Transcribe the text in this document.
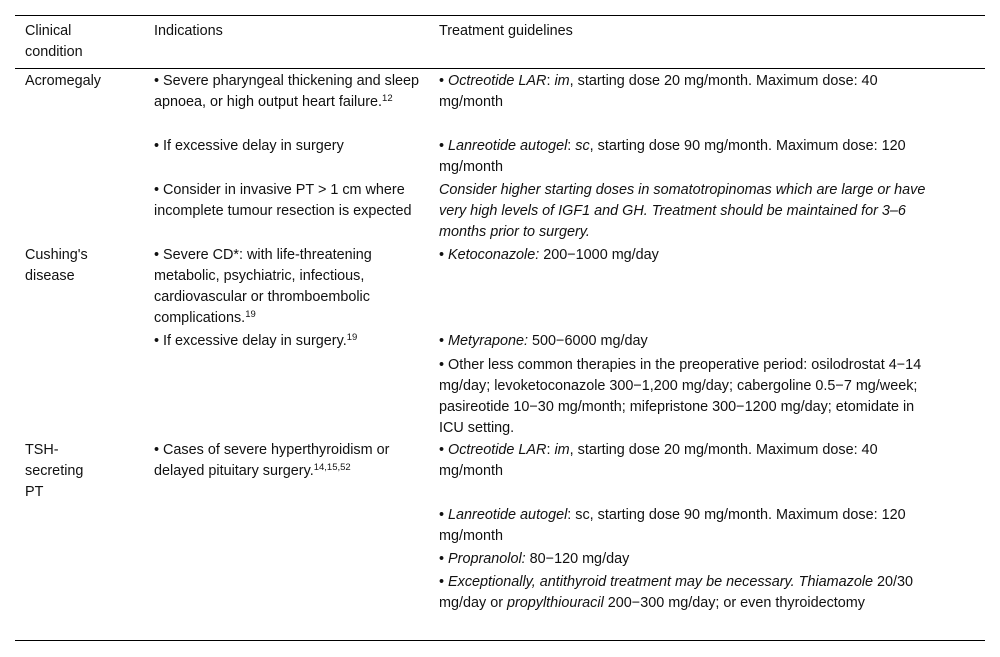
Clinical
condition
Indications	Treatment guidelines
Acromegaly	• Severe pharyngeal thickening and sleep apnoea, or high output heart failure.$^{12}$
• If excessive delay in surgery
• Consider in invasive PT > 1 cm where incomplete tumour resection is expected
• Octreotide LAR: im, starting dose 20 mg/month. Maximum dose: 40 mg/month
• Lanreotide autogel: sc, starting dose 90 mg/month. Maximum dose: 120 mg/month
Consider higher starting doses in somatotropinomas which are large or have very high levels of IGF1 and GH. Treatment should be maintained for 3–6 months prior to surgery.
Cushing's
disease
• Severe CD*: with life-threatening metabolic, psychiatric, infectious, cardiovascular or thromboembolic complications.$^{19}$
• If excessive delay in surgery.$^{19}$
• Ketoconazole: 200−1000 mg/day
• Metyrapone: 500−6000 mg/day
• Other less common therapies in the preoperative period: osilodrostat 4−14 mg/day; levoketoconazole 300−1,200 mg/day; cabergoline 0.5−7 mg/week; pasireotide 10−30 mg/month; mifepristone 300−1200 mg/day; etomidate in ICU setting.
TSH-
secreting
PT
• Cases of severe hyperthyroidism or delayed pituitary surgery.$^{14,15,52}$
• Octreotide LAR: im, starting dose 20 mg/month. Maximum dose: 40 mg/month
• Lanreotide autogel: sc, starting dose 90 mg/month. Maximum dose: 120 mg/month
• Propranolol: 80−120 mg/day
• Exceptionally, antithyroid treatment may be necessary. Thiamazole 20/30 mg/day or propylthiouracil 200−300 mg/day; or even thyroidectomy
